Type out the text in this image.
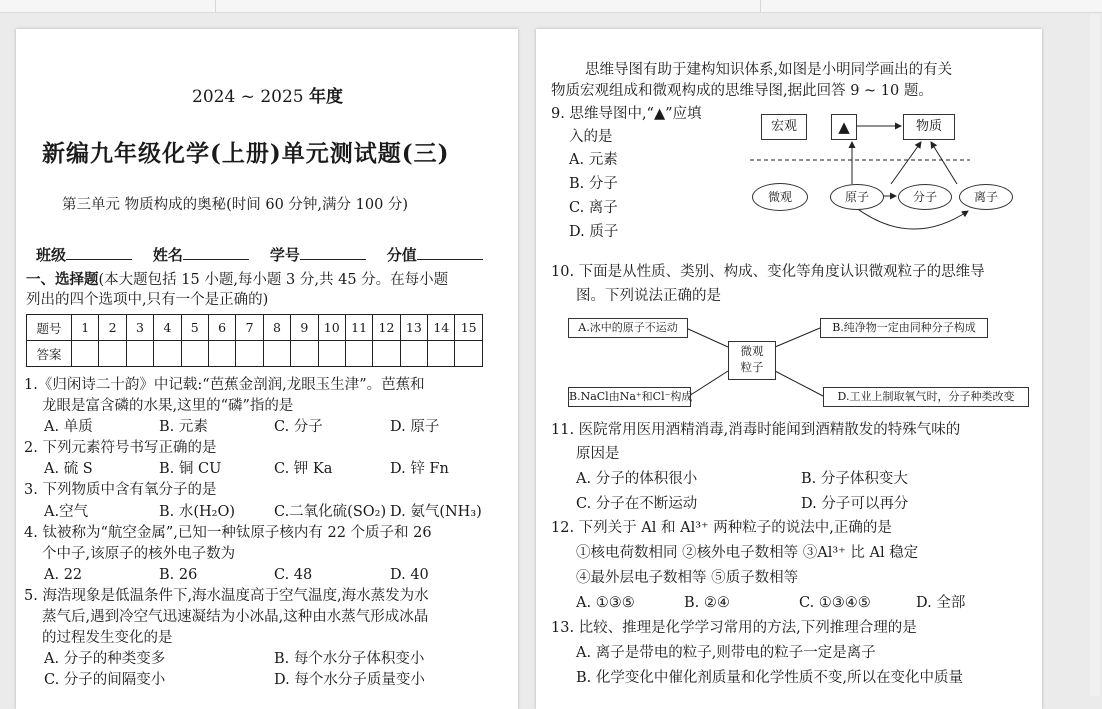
2024 ~ 2025 年度
新编九年级化学(上册)单元测试题(三)
第三单元 物质构成的奥秘(时间 60 分钟,满分 100 分)
班级	姓名	学号	分值
一、选择题(本大题包括 15 小题,每小题 3 分,共 45 分。在每小题
列出的四个选项中,只有一个是正确的)
题号	1	2	3	4	5	6	7	8	9	10	11	12	13	14	15
答案															
1.《归闲诗二十韵》中记载:“芭蕉金剖润,龙眼玉生津”。芭蕉和
龙眼是富含磷的水果,这里的“磷”指的是
A. 单质	B. 元素	C. 分子	D. 原子
2. 下列元素符号书写正确的是
A. 硫 S	B. 铜 CU	C. 钾 Ka	D. 锌 Fn
3. 下列物质中含有氧分子的是
A.空气	B. 水(H₂O)	C.二氧化硫(SO₂) D. 氨气(NH₃)
4. 钛被称为“航空金属”,已知一种钛原子核内有 22 个质子和 26
个中子,该原子的核外电子数为
A. 22	B. 26	C. 48	D. 40
5. 海浩现象是低温条件下,海水温度高于空气温度,海水蒸发为水
蒸气后,遇到冷空气迅速凝结为小冰晶,这种由水蒸气形成冰晶
的过程发生变化的是
A. 分子的种类变多	B. 每个水分子体积变小
C. 分子的间隔变小	D. 每个水分子质量变小
思维导图有助于建构知识体系,如图是小明同学画出的有关
物质宏观组成和微观构成的思维导图,据此回答 9 ~ 10 题。
9. 思维导图中,“▲”应填
入的是
A. 元素
B. 分子
C. 离子
D. 质子
宏观	▲	物质
微观	原子	分子	离子
10. 下面是从性质、类别、构成、变化等角度认识微观粒子的思维导
图。下列说法正确的是
A.冰中的原子不运动	B.纯净物一定由同种分子构成
微观
粒子
B.NaCl由Na⁺和Cl⁻构成	D.工业上制取氧气时，分子种类改变
11. 医院常用医用酒精消毒,消毒时能闻到酒精散发的特殊气味的
原因是
A. 分子的体积很小	B. 分子体积变大
C. 分子在不断运动	D. 分子可以再分
12. 下列关于 Al 和 Al³⁺ 两种粒子的说法中,正确的是
①核电荷数相同 ②核外电子数相等 ③Al³⁺ 比 Al 稳定
④最外层电子数相等 ⑤质子数相等
A. ①③⑤	B. ②④	C. ①③④⑤	D. 全部
13. 比较、推理是化学学习常用的方法,下列推理合理的是
A. 离子是带电的粒子,则带电的粒子一定是离子
B. 化学变化中催化剂质量和化学性质不变,所以在变化中质量
